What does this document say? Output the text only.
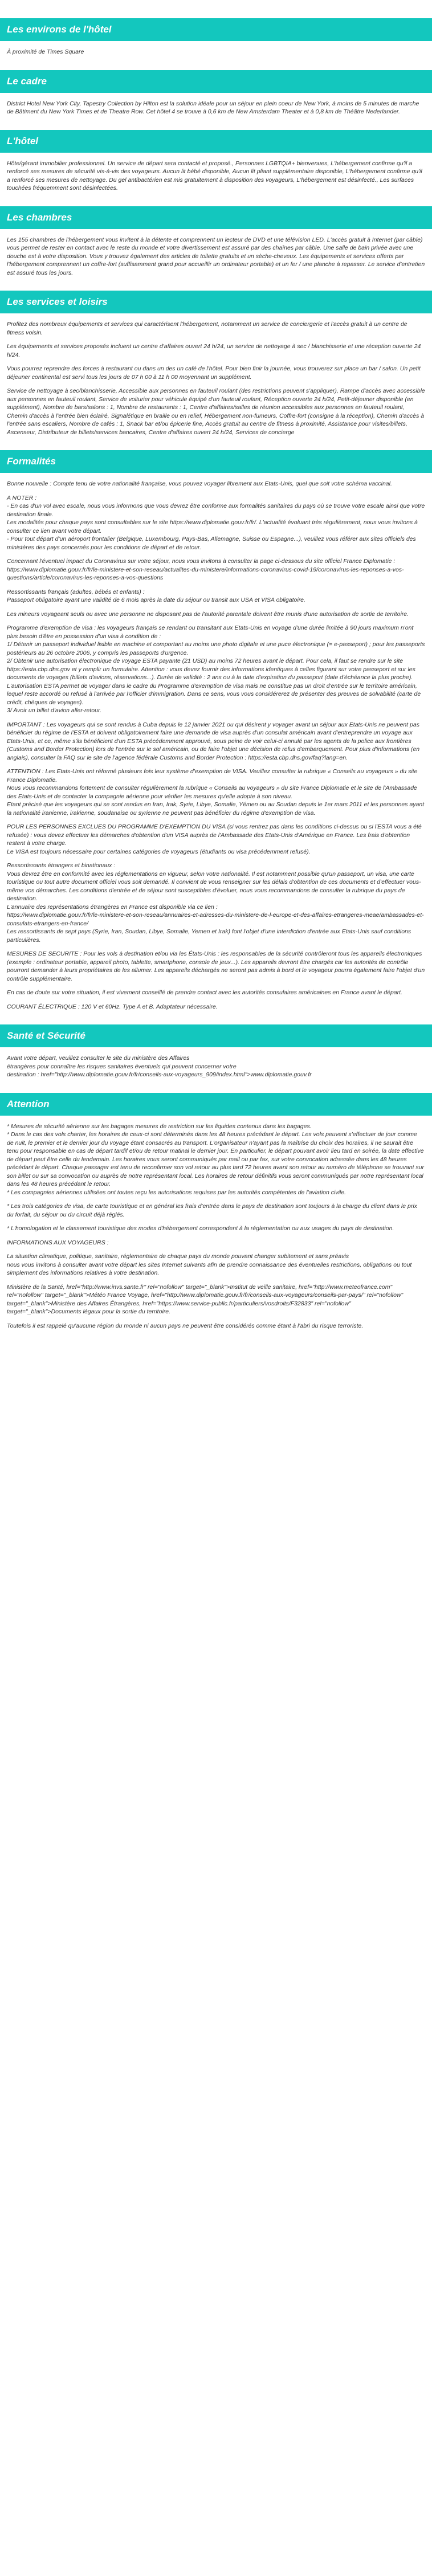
Les environs de l'hôtel
À proximité de Times Square
Le cadre
District Hotel New York City, Tapestry Collection by Hilton est la solution idéale pour un séjour en plein coeur de New York, à moins de 5 minutes de marche de Bâtiment du New York Times et de Theatre Row. Cet hôtel 4 se trouve à 0,6 km de New Amsterdam Theater et à 0,8 km de Théâtre Nederlander.
L'hôtel
Hôte/gérant immobilier professionnel. Un service de départ sera contacté et proposé., Personnes LGBTQIA+ bienvenues, L'hébergement confirme qu'il a renforcé ses mesures de sécurité vis-à-vis des voyageurs. Aucun lit bébé disponible, Aucun lit pliant supplémentaire disponible, L'hébergement confirme qu'il a renforcé ses mesures de nettoyage. Du gel antibactérien est mis gratuitement à disposition des voyageurs, L'hébergement est désinfecté., Les surfaces touchées fréquemment sont désinfectées.
Les chambres
Les 155 chambres de l'hébergement vous invitent à la détente et comprennent un lecteur de DVD et une télévision LED. L'accès gratuit à Internet (par câble) vous permet de rester en contact avec le reste du monde et votre divertissement est assuré par des chaînes par câble. Une salle de bain privée avec une douche est à votre disposition. Vous y trouvez également des articles de toilette gratuits et un sèche-cheveux. Les équipements et services offerts par l'hébergement comprennent un coffre-fort (suffisamment grand pour accueillir un ordinateur portable) et un fer / une planche à repasser. Le service d'entretien est assuré tous les jours.
Les services et loisirs
Profitez des nombreux équipements et services qui caractérisent l'hébergement, notamment un service de conciergerie et l'accès gratuit à un centre de fitness voisin.
Les équipements et services proposés incluent un centre d'affaires ouvert 24 h/24, un service de nettoyage à sec / blanchisserie et une réception ouverte 24 h/24.
Vous pourrez reprendre des forces à restaurant ou dans un des un café de l'hôtel. Pour bien finir la journée, vous trouverez sur place un bar / salon. Un petit déjeuner continental est servi tous les jours de 07 h 00 à 11 h 00 moyennant un supplément.
Service de nettoyage à sec/blanchisserie, Accessible aux personnes en fauteuil roulant (des restrictions peuvent s'appliquer), Rampe d'accès avec accessible aux personnes en fauteuil roulant, Service de voiturier pour véhicule équipé d'un fauteuil roulant, Réception ouverte 24 h/24, Petit-déjeuner disponible (en supplément), Nombre de bars/salons : 1, Nombre de restaurants : 1, Centre d'affaires/salles de réunion accessibles aux personnes en fauteuil roulant, Chemin d'accès à l'entrée bien éclairé, Signalétique en braille ou en relief, Hébergement non-fumeurs, Coffre-fort (consigne à la réception), Chemin d'accès à l'entrée sans escaliers, Nombre de cafés : 1, Snack bar et/ou épicerie fine, Accès gratuit au centre de fitness à proximité, Assistance pour visites/billets, Ascenseur, Distributeur de billets/services bancaires, Centre d'affaires ouvert 24 h/24, Services de concierge
Formalités
Bonne nouvelle : Compte tenu de votre nationalité française, vous pouvez voyager librement aux Etats-Unis, quel que soit votre schéma vaccinal.
A NOTER :
- En cas d'un vol avec escale, nous vous informons que vous devrez être conforme aux formalités sanitaires du pays où se trouve votre escale ainsi que votre destination finale.
Les modalités pour chaque pays sont consultables sur le site https://www.diplomatie.gouv.fr/fr/. L'actualité évoluant très régulièrement, nous vous invitons à consulter ce lien avant votre départ.
- Pour tout départ d'un aéroport frontalier (Belgique, Luxembourg, Pays-Bas, Allemagne, Suisse ou Espagne...), veuillez vous référer aux sites officiels des ministères des pays concernés pour les conditions de départ et de retour.
Concernant l'éventuel impact du Coronavirus sur votre séjour, nous vous invitons à consulter la page ci-dessous du site officiel France Diplomatie :
https://www.diplomatie.gouv.fr/fr/le-ministere-et-son-reseau/actualites-du-ministere/informations-coronavirus-covid-19/coronavirus-les-reponses-a-vos-questions/article/coronavirus-les-reponses-a-vos-questions
Ressortissants français (adultes, bébés et enfants) :
Passeport obligatoire ayant une validité de 6 mois après la date du séjour ou transit aux USA et VISA obligatoire.
Les mineurs voyageant seuls ou avec une personne ne disposant pas de l'autorité parentale doivent être munis d'une autorisation de sortie de territoire.
Programme d'exemption de visa : les voyageurs français se rendant ou transitant aux Etats-Unis en voyage d'une durée limitée à 90 jours maximum n'ont plus besoin d'être en possession d'un visa à condition de :
1/ Détenir un passeport individuel lisible en machine et comportant au moins une photo digitale et une puce électronique (= e-passeport) ; pour les passeports postérieurs au 26 octobre 2006, y compris les passeports d'urgence.
2/ Obtenir une autorisation électronique de voyage ESTA payante (21 USD) au moins 72 heures avant le départ. Pour cela, il faut se rendre sur le site https://esta.cbp.dhs.gov et y remplir un formulaire. Attention : vous devez fournir des informations identiques à celles figurant sur votre passeport et sur les documents de voyages (billets d'avions, réservations...). Durée de validité : 2 ans ou à la date d'expiration du passeport (date d'échéance la plus proche).
L'autorisation ESTA permet de voyager dans le cadre du Programme d'exemption de visa mais ne constitue pas un droit d'entrée sur le territoire américain, lequel reste accordé ou refusé à l'arrivée par l'officier d'immigration. Dans ce sens, vous vous considérerez de présenter des preuves de solvabilité (carte de crédit, chèques de voyages).
3/ Avoir un billet d'avion aller-retour.
IMPORTANT : Les voyageurs qui se sont rendus à Cuba depuis le 12 janvier 2021 ou qui désirent y voyager avant un séjour aux Etats-Unis ne peuvent pas bénéficier du régime de l'ESTA et doivent obligatoirement faire une demande de visa auprès d'un consulat américain avant d'entreprendre un voyage aux Etats-Unis, et ce, même s'ils bénéficient d'un ESTA précédemment approuvé, sous peine de voir celui-ci annulé par les agents de la police aux frontières (Customs and Border Protection) lors de l'entrée sur le sol américain, ou de faire l'objet une décision de refus d'embarquement. Pour plus d'informations (en anglais), consulter la FAQ sur le site de l'agence fédérale Customs and Border Protection : https://esta.cbp.dhs.gov/faq?lang=en.
ATTENTION : Les Etats-Unis ont réformé plusieurs fois leur système d'exemption de VISA. Veuillez consulter la rubrique « Conseils au voyageurs » du site France Diplomatie.
Nous vous recommandons fortement de consulter régulièrement la rubrique « Conseils au voyageurs » du site France Diplomatie et le site de l'Ambassade des Etats-Unis et de contacter la compagnie aérienne pour vérifier les mesures qu'elle adopte à son niveau.
Etant précisé que les voyageurs qui se sont rendus en Iran, Irak, Syrie, Libye, Somalie, Yémen ou au Soudan depuis le 1er mars 2011 et les personnes ayant la nationalité iranienne, irakienne, soudanaise ou syrienne ne peuvent pas bénéficier du régime d'exemption de visa.
POUR LES PERSONNES EXCLUES DU PROGRAMME D'EXEMPTION DU VISA (si vous rentrez pas dans les conditions ci-dessus ou si l'ESTA vous a été refusée) : vous devez effectuer les démarches d'obtention d'un VISA auprès de l'Ambassade des Etats-Unis d'Amérique en France. Les frais d'obtention restent à votre charge.
Le VISA est toujours nécessaire pour certaines catégories de voyageurs (étudiants ou visa précédemment refusé).
Ressortissants étrangers et binationaux :
Vous devrez être en conformité avec les réglementations en vigueur, selon votre nationalité. Il est notamment possible qu'un passeport, un visa, une carte touristique ou tout autre document officiel vous soit demandé. Il convient de vous renseigner sur les délais d'obtention de ces documents et d'effectuer vous-même vos démarches. Les conditions d'entrée et de séjour sont susceptibles d'évoluer, nous vous recommandons de consulter la rubrique du pays de destination.
L'annuaire des représentations étrangères en France est disponible via ce lien :
https://www.diplomatie.gouv.fr/fr/le-ministere-et-son-reseau/annuaires-et-adresses-du-ministere-de-l-europe-et-des-affaires-etrangeres-meae/ambassades-et-consulats-etrangers-en-france/
Les ressortissants de sept pays (Syrie, Iran, Soudan, Libye, Somalie, Yemen et Irak) font l'objet d'une interdiction d'entrée aux Etats-Unis sauf conditions particulières.
MESURES DE SECURITE : Pour les vols à destination et/ou via les États-Unis : les responsables de la sécurité contrôleront tous les appareils électroniques (exemple : ordinateur portable, appareil photo, tablette, smartphone, console de jeux...). Les appareils devront être chargés car les autorités de contrôle pourront demander à leurs propriétaires de les allumer. Les appareils déchargés ne seront pas admis à bord et le voyageur pourra également faire l'objet d'un contrôle supplémentaire.
En cas de doute sur votre situation, il est vivement conseillé de prendre contact avec les autorités consulaires américaines en France avant le départ.
COURANT ÉLECTRIQUE : 120 V et 60Hz. Type A et B. Adaptateur nécessaire.
Santé et Sécurité
Avant votre départ, veuillez consulter le site du ministère des Affaires
étrangères pour connaître les risques sanitaires éventuels qui peuvent concerner votre
destination : href="http://www.diplomatie.gouv.fr/fr/conseils-aux-voyageurs_909/index.html">www.diplomatie.gouv.fr
Attention
* Mesures de sécurité aérienne sur les bagages mesures de restriction sur les liquides contenus dans les bagages.
* Dans le cas des vols charter, les horaires de ceux-ci sont déterminés dans les 48 heures précédant le départ. Les vols peuvent s'effectuer de jour comme de nuit, le premier et le dernier jour du voyage étant consacrés au transport. L'organisateur n'ayant pas la maîtrise du choix des horaires, il ne saurait être tenu pour responsable en cas de départ tardif et/ou de retour matinal le dernier jour. En particulier, le départ pouvant avoir lieu tard en soirée, la date effective de départ peut être celle du lendemain. Les horaires vous seront communiqués par mail ou par fax, sur votre convocation adressée dans les 48 heures précédant le départ. Chaque passager est tenu de reconfirmer son vol retour au plus tard 72 heures avant son retour au numéro de téléphone se trouvant sur son billet ou sur sa convocation ou auprès de notre représentant local. Les horaires de retour définitifs vous seront communiqués par notre représentant local dans les 48 heures précédant le retour.
* Les compagnies aériennes utilisées ont toutes reçu les autorisations requises par les autorités compétentes de l'aviation civile.
* Les trois catégories de visa, de carte touristique et en général les frais d'entrée dans le pays de destination sont toujours à la charge du client dans le prix du forfait, du séjour ou du circuit déjà réglés.
* L'homologation et le classement touristique des modes d'hébergement correspondent à la réglementation ou aux usages du pays de destination.
INFORMATIONS AUX VOYAGEURS :
La situation climatique, politique, sanitaire, réglementaire de chaque pays du monde pouvant changer subitement et sans préavis
nous vous invitons à consulter avant votre départ les sites Internet suivants afin de prendre connaissance des éventuelles restrictions, obligations ou tout simplement des informations relatives à votre destination.
Ministère de la Santé, href="http://www.invs.sante.fr" rel="nofollow" target="_blank">Institut de veille sanitaire, href="http://www.meteofrance.com" rel="nofollow" target="_blank">Météo France Voyage, href="http://www.diplomatie.gouv.fr/fr/conseils-aux-voyageurs/conseils-par-pays/" rel="nofollow" target="_blank">Ministère des Affaires Étrangères, href="https://www.service-public.fr/particuliers/vosdroits/F32833" rel="nofollow" target="_blank">Documents légaux pour la sortie du territoire.
Toutefois il est rappelé qu'aucune région du monde ni aucun pays ne peuvent être considérés comme étant à l'abri du risque terroriste.
